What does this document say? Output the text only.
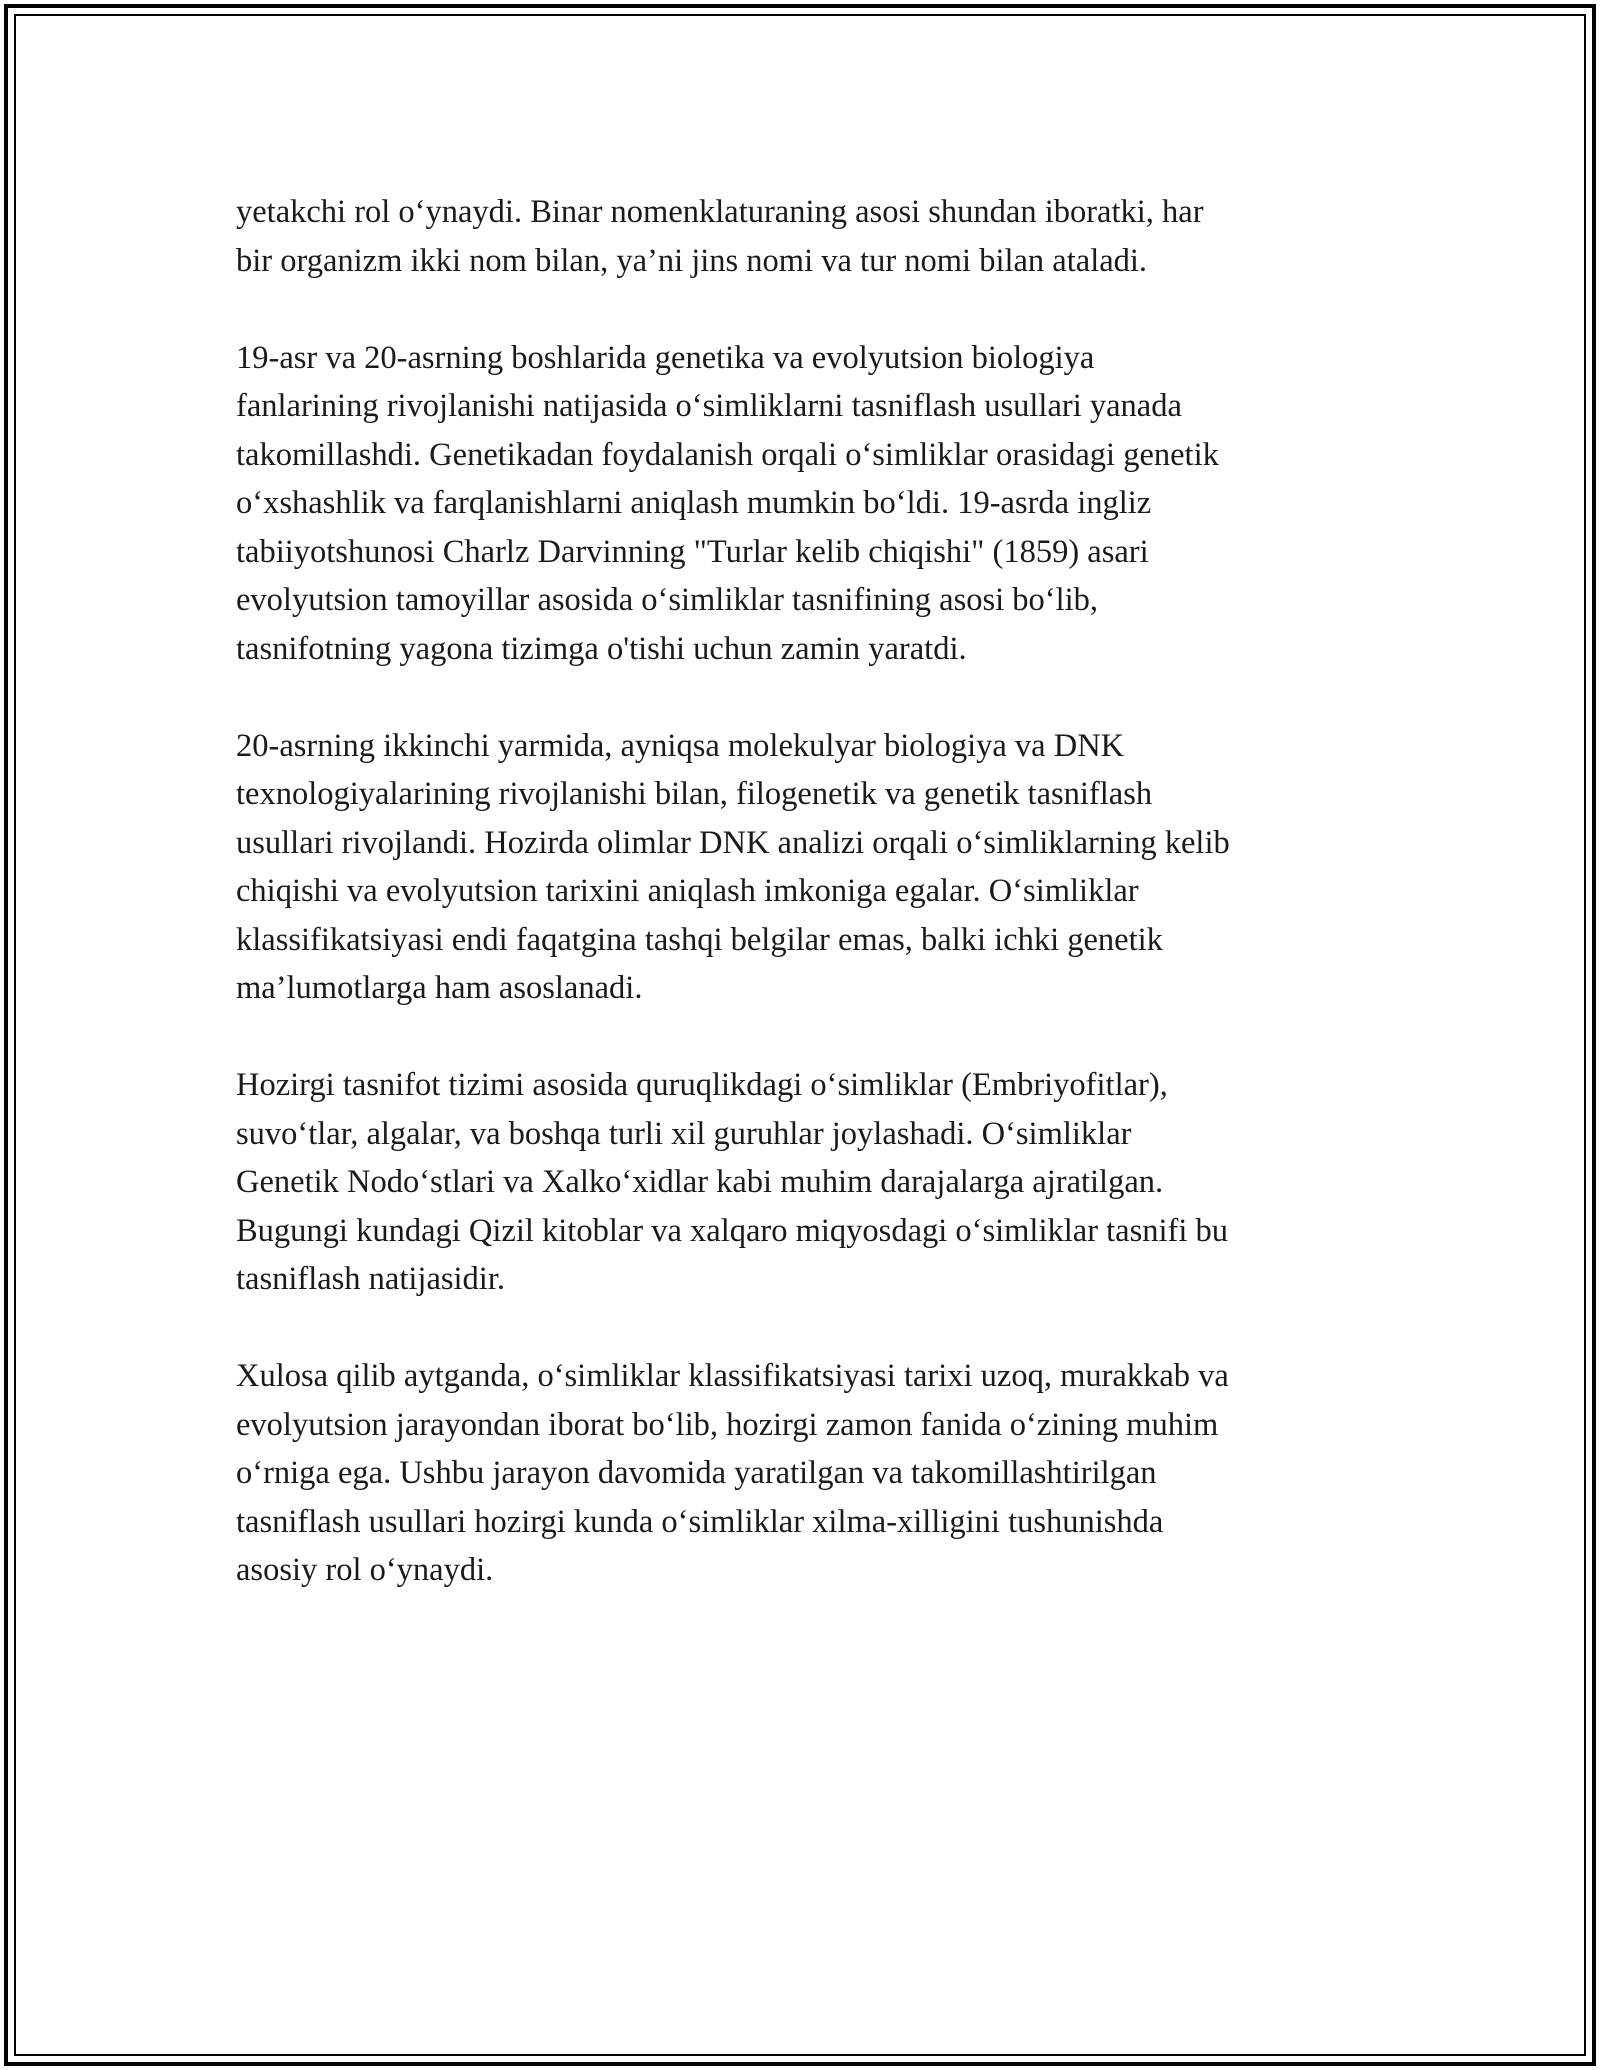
yetakchi rol o‘ynaydi. Binar nomenklaturaning asosi shundan iboratki, har
bir organizm ikki nom bilan, ya’ni jins nomi va tur nomi bilan ataladi.

19-asr va 20-asrning boshlarida genetika va evolyutsion biologiya
fanlarining rivojlanishi natijasida o‘simliklarni tasniflash usullari yanada
takomillashdi. Genetikadan foydalanish orqali o‘simliklar orasidagi genetik
o‘xshashlik va farqlanishlarni aniqlash mumkin bo‘ldi. 19-asrda ingliz
tabiiyotshunosi Charlz Darvinning "Turlar kelib chiqishi" (1859) asari
evolyutsion tamoyillar asosida o‘simliklar tasnifining asosi bo‘lib,
tasnifotning yagona tizimga o'tishi uchun zamin yaratdi.

20-asrning ikkinchi yarmida, ayniqsa molekulyar biologiya va DNK
texnologiyalarining rivojlanishi bilan, filogenetik va genetik tasniflash
usullari rivojlandi. Hozirda olimlar DNK analizi orqali o‘simliklarning kelib
chiqishi va evolyutsion tarixini aniqlash imkoniga egalar. O‘simliklar
klassifikatsiyasi endi faqatgina tashqi belgilar emas, balki ichki genetik
ma’lumotlarga ham asoslanadi.

Hozirgi tasnifot tizimi asosida quruqlikdagi o‘simliklar (Embriyofitlar),
suvo‘tlar, algalar, va boshqa turli xil guruhlar joylashadi. O‘simliklar
Genetik Nodo‘stlari va Xalko‘xidlar kabi muhim darajalarga ajratilgan.
Bugungi kundagi Qizil kitoblar va xalqaro miqyosdagi o‘simliklar tasnifi bu
tasniflash natijasidir.

Xulosa qilib aytganda, o‘simliklar klassifikatsiyasi tarixi uzoq, murakkab va
evolyutsion jarayondan iborat bo‘lib, hozirgi zamon fanida o‘zining muhim
o‘rniga ega. Ushbu jarayon davomida yaratilgan va takomillashtirilgan
tasniflash usullari hozirgi kunda o‘simliklar xilma-xilligini tushunishda
asosiy rol o‘ynaydi.
